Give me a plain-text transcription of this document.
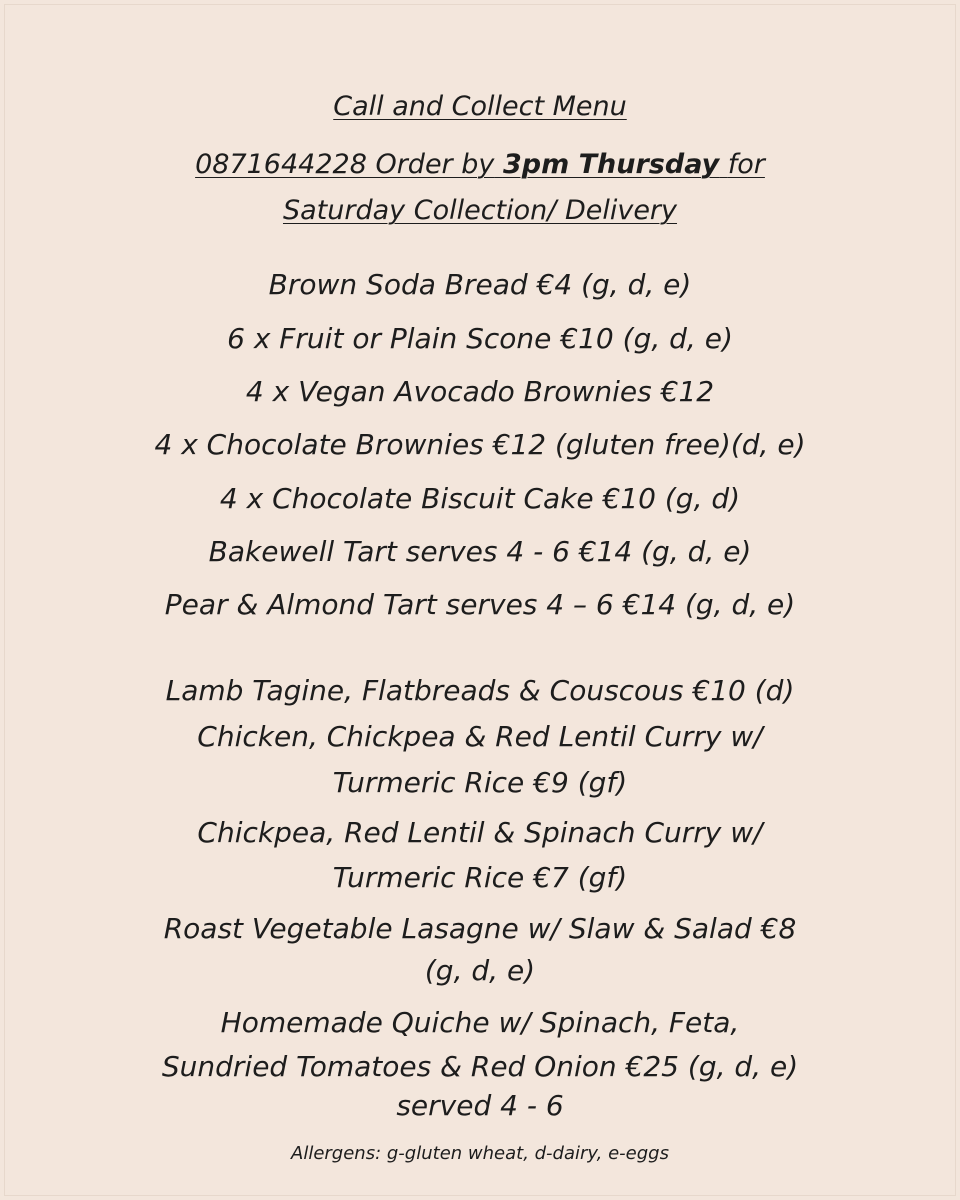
Call and Collect Menu
0871644228 Order by 3pm Thursday for
Saturday Collection/ Delivery
Brown Soda Bread €4 (g, d, e)
6 x Fruit or Plain Scone €10 (g, d, e)
4 x Vegan Avocado Brownies €12
4 x Chocolate Brownies €12 (gluten free)(d, e)
4 x Chocolate Biscuit Cake €10 (g, d)
Bakewell Tart serves 4 - 6 €14 (g, d, e)
Pear & Almond Tart serves 4 – 6 €14 (g, d, e)
Lamb Tagine, Flatbreads & Couscous €10 (d)
Chicken, Chickpea & Red Lentil Curry w/
Turmeric Rice €9 (gf)
Chickpea, Red Lentil & Spinach Curry w/
Turmeric Rice €7 (gf)
Roast Vegetable Lasagne w/ Slaw & Salad €8
(g, d, e)
Homemade Quiche w/ Spinach, Feta,
Sundried Tomatoes & Red Onion €25 (g, d, e)
served 4 - 6
Allergens: g-gluten wheat, d-dairy, e-eggs
